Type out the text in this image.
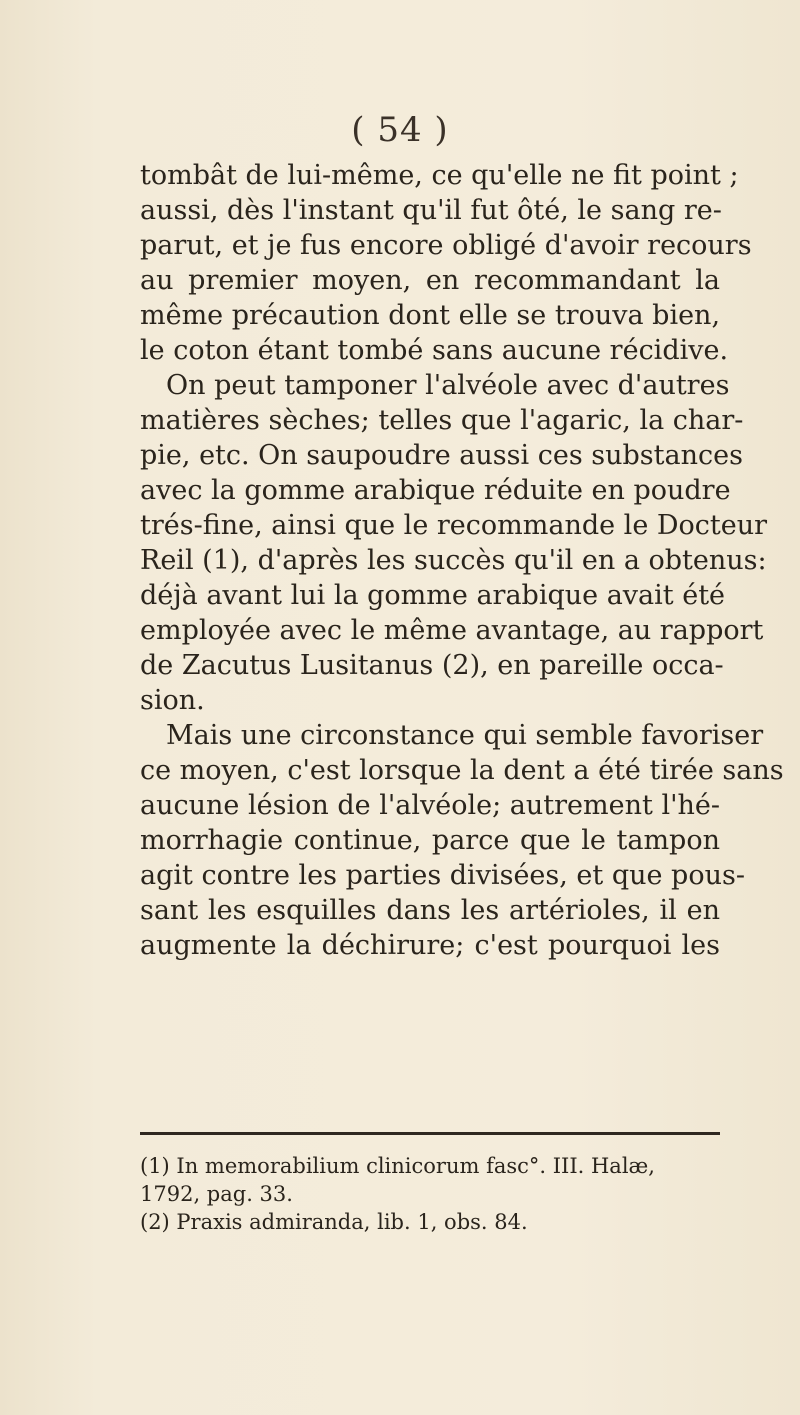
( 54 )
tombât de lui-même, ce qu'elle ne fit point ;
aussi, dès l'instant qu'il fut ôté, le sang re-
parut, et je fus encore obligé d'avoir recours
au premier moyen, en recommandant la
même précaution dont elle se trouva bien,
le coton étant tombé sans aucune récidive.
On peut tamponer l'alvéole avec d'autres
matières sèches; telles que l'agaric, la char-
pie, etc. On saupoudre aussi ces substances
avec la gomme arabique réduite en poudre
trés-fine, ainsi que le recommande le Docteur
Reil (1), d'après les succès qu'il en a obtenus:
déjà avant lui la gomme arabique avait été
employée avec le même avantage, au rapport
de Zacutus Lusitanus (2), en pareille occa-
sion.
Mais une circonstance qui semble favoriser
ce moyen, c'est lorsque la dent a été tirée sans
aucune lésion de l'alvéole; autrement l'hé-
morrhagie continue, parce que le tampon
agit contre les parties divisées, et que pous-
sant les esquilles dans les artérioles, il en
augmente la déchirure; c'est pourquoi les
(1) In memorabilium clinicorum fasc°. III. Halæ,
1792, pag. 33.
(2) Praxis admiranda, lib. 1, obs. 84.
